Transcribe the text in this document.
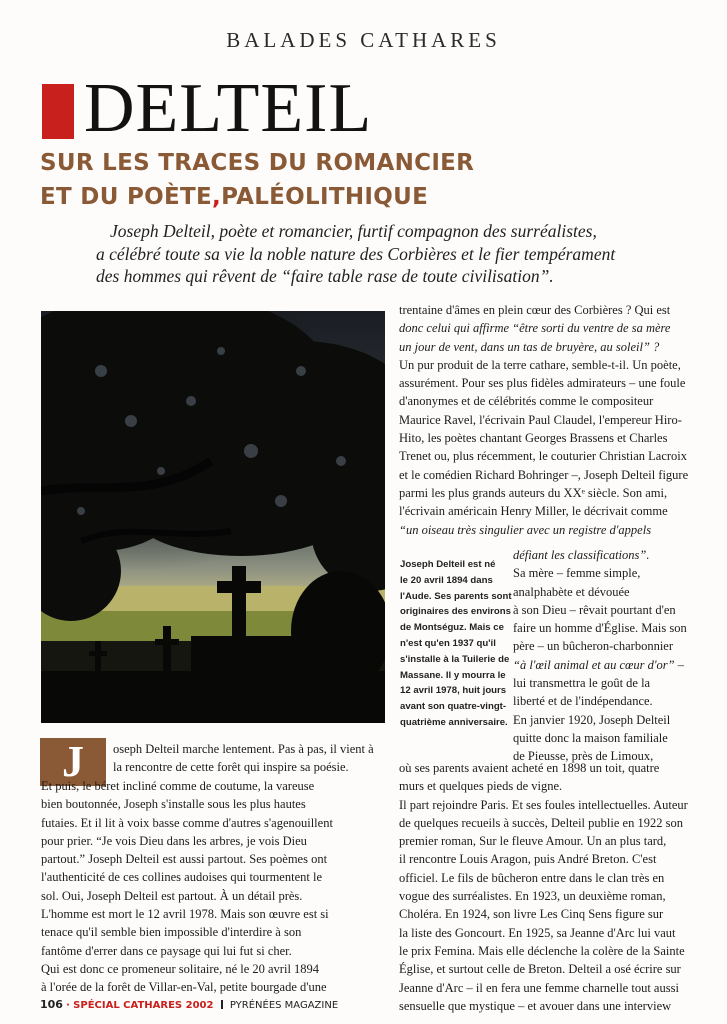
BALADES CATHARES
DELTEIL
SUR LES TRACES DU ROMANCIER
ET DU POÈTE,PALÉOLITHIQUE

Joseph Delteil, poète et romancier, furtif compagnon des surréalistes,

a célébré toute sa vie la noble nature des Corbières et le fier tempérament

des hommes qui rêvent de “faire table rase de toute civilisation”.

Joseph Delteil est né

le 20 avril 1894 dans

l'Aude. Ses parents sont

originaires des environs

de Montséguz. Mais ce

n'est qu'en 1937 qu'il

s'installe à la Tuilerie de

Massane. Il y mourra le

12 avril 1978, huit jours

avant son quatre-vingt-

quatrième anniversaire.

trentaine d'âmes en plein cœur des Corbières ? Qui est

donc celui qui affirme “être sorti du ventre de sa mère

un jour de vent, dans un tas de bruyère, au soleil” ?

Un pur produit de la terre cathare, semble-t-il. Un poète,

assurément. Pour ses plus fidèles admirateurs – une foule

d'anonymes et de célébrités comme le compositeur

Maurice Ravel, l'écrivain Paul Claudel, l'empereur Hiro-

Hito, les poètes chantant Georges Brassens et Charles

Trenet ou, plus récemment, le couturier Christian Lacroix

et le comédien Richard Bohringer –, Joseph Delteil figure

parmi les plus grands auteurs du XXᵉ siècle. Son ami,

l'écrivain américain Henry Miller, le décrivait comme

“un oiseau très singulier avec un registre d'appels

défiant les classifications”.

Sa mère – femme simple,

analphabète et dévouée

à son Dieu – rêvait pourtant d'en

faire un homme d'Église. Mais son

père – un bûcheron-charbonnier

“à l'œil animal et au cœur d'or” –

lui transmettra le goût de la

liberté et de l'indépendance.

En janvier 1920, Joseph Delteil

quitte donc la maison familiale

de Pieusse, près de Limoux,

J	oseph Delteil marche lentement. Pas à pas, il vient à

la rencontre de cette forêt qui inspire sa poésie.

Et puis, le béret incliné comme de coutume, la vareuse

bien boutonnée, Joseph s'installe sous les plus hautes

futaies. Et il lit à voix basse comme d'autres s'agenouillent

pour prier. “Je vois Dieu dans les arbres, je vois Dieu

partout.” Joseph Delteil est aussi partout. Ses poèmes ont

l'authenticité de ces collines audoises qui tourmentent le

sol. Oui, Joseph Delteil est partout. À un détail près.

L'homme est mort le 12 avril 1978. Mais son œuvre est si

tenace qu'il semble bien impossible d'interdire à son

fantôme d'errer dans ce paysage qui lui fut si cher.

Qui est donc ce promeneur solitaire, né le 20 avril 1894

à l'orée de la forêt de Villar-en-Val, petite bourgade d'une

où ses parents avaient acheté en 1898 un toit, quatre

murs et quelques pieds de vigne.

Il part rejoindre Paris. Et ses foules intellectuelles. Auteur

de quelques recueils à succès, Delteil publie en 1922 son

premier roman, Sur le fleuve Amour. Un an plus tard,

il rencontre Louis Aragon, puis André Breton. C'est

officiel. Le fils de bûcheron entre dans le clan très en

vogue des surréalistes. En 1923, un deuxième roman,

Choléra. En 1924, son livre Les Cinq Sens figure sur

la liste des Goncourt. En 1925, sa Jeanne d'Arc lui vaut

le prix Femina. Mais elle déclenche la colère de la Sainte

Église, et surtout celle de Breton. Delteil a osé écrire sur

Jeanne d'Arc – il en fera une femme charnelle tout aussi

sensuelle que mystique – et avouer dans une interview

106 · SPÉCIAL CATHARES 2002 PYRÉNÉES MAGAZINE
